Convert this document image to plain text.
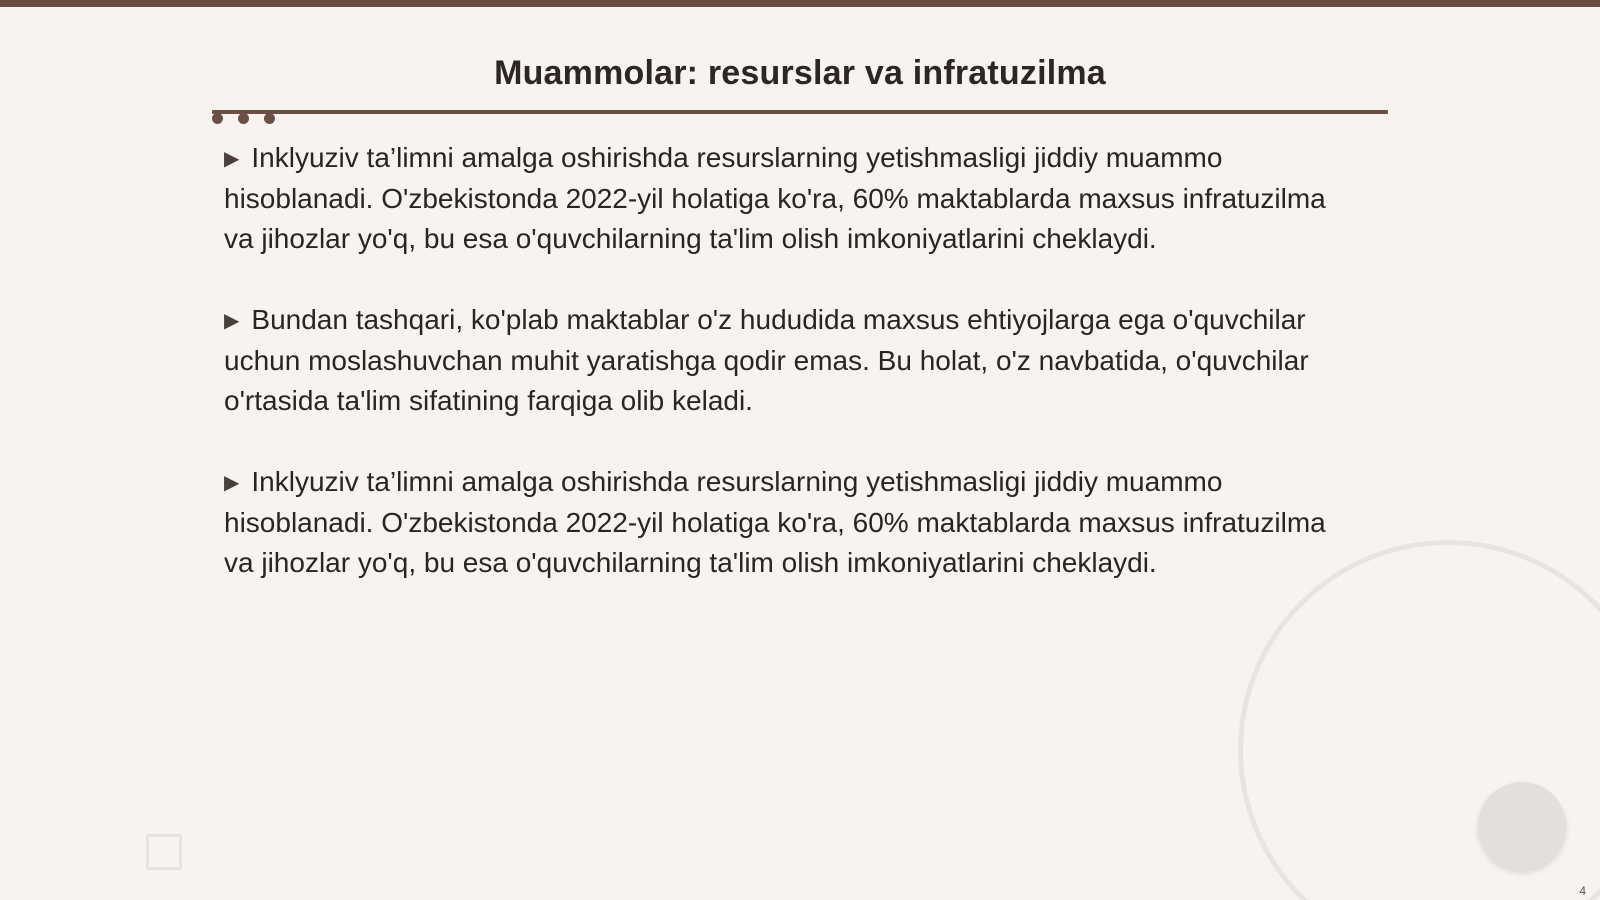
Muammolar: resurslar va infratuzilma

▶ Inklyuziv ta’limni amalga oshirishda resurslarning yetishmasligi jiddiy muammo hisoblanadi. O'zbekistonda 2022-yil holatiga ko'ra, 60% maktablarda maxsus infratuzilma va jihozlar yo'q, bu esa o'quvchilarning ta'lim olish imkoniyatlarini cheklaydi.

▶ Bundan tashqari, ko'plab maktablar o'z hududida maxsus ehtiyojlarga ega o'quvchilar uchun moslashuvchan muhit yaratishga qodir emas. Bu holat, o'z navbatida, o'quvchilar o'rtasida ta'lim sifatining farqiga olib keladi.

▶ Inklyuziv ta’limni amalga oshirishda resurslarning yetishmasligi jiddiy muammo hisoblanadi. O'zbekistonda 2022-yil holatiga ko'ra, 60% maktablarda maxsus infratuzilma va jihozlar yo'q, bu esa o'quvchilarning ta'lim olish imkoniyatlarini cheklaydi.

4
